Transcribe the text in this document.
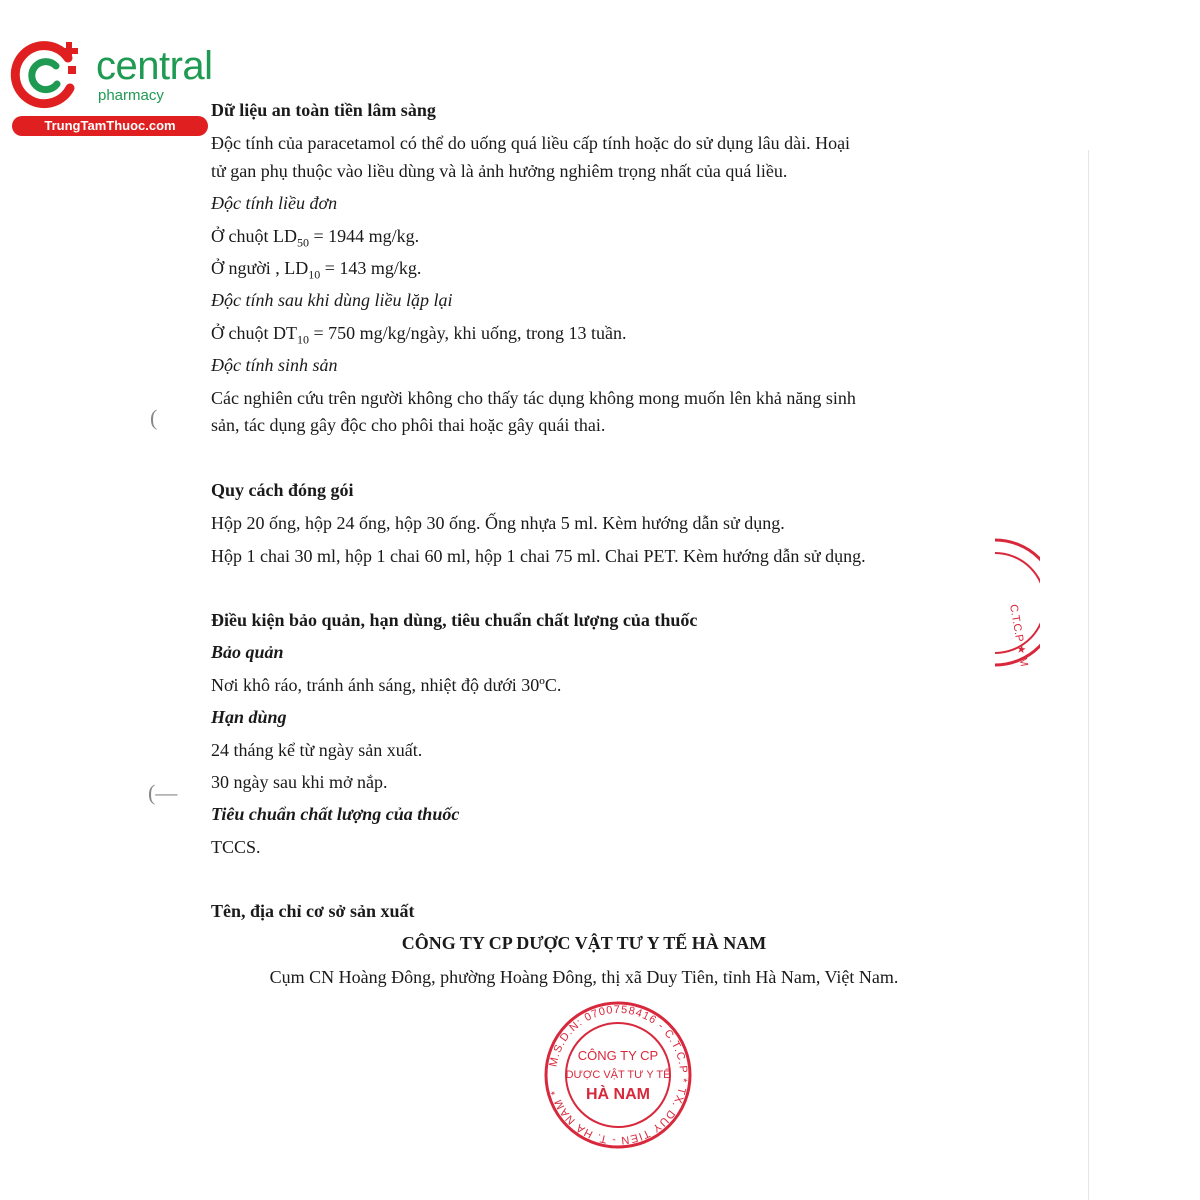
central
pharmacy
TrungTamThuoc.com
(
(—
Dữ liệu an toàn tiền lâm sàng
Độc tính của paracetamol có thể do uống quá liều cấp tính hoặc do sử dụng lâu dài. Hoại
tử gan phụ thuộc vào liều dùng và là ảnh hưởng nghiêm trọng nhất của quá liều.
Độc tính liều đơn
Ở chuột $LD_{50} = 1944$ mg/kg.
Ở người , $LD_{10} = 143$ mg/kg.
Độc tính sau khi dùng liều lặp lại
Ở chuột $DT_{10} = 750$ mg/kg/ngày, khi uống, trong 13 tuần.
Độc tính sinh sản
Các nghiên cứu trên người không cho thấy tác dụng không mong muốn lên khả năng sinh
sản, tác dụng gây độc cho phôi thai hoặc gây quái thai.
Quy cách đóng gói
Hộp 20 ống, hộp 24 ống, hộp 30 ống. Ống nhựa 5 ml. Kèm hướng dẫn sử dụng.
Hộp 1 chai 30 ml, hộp 1 chai 60 ml, hộp 1 chai 75 ml. Chai PET. Kèm hướng dẫn sử dụng.
Điều kiện bảo quản, hạn dùng, tiêu chuẩn chất lượng của thuốc
Bảo quản
Nơi khô ráo, tránh ánh sáng, nhiệt độ dưới 30ºC.
Hạn dùng
24 tháng kể từ ngày sản xuất.
30 ngày sau khi mở nắp.
Tiêu chuẩn chất lượng của thuốc
TCCS.
Tên, địa chỉ cơ sở sản xuất
CÔNG TY CP DƯỢC VẬT TƯ Y TẾ HÀ NAM
Cụm CN Hoàng Đông, phường Hoàng Đông, thị xã Duy Tiên, tỉnh Hà Nam, Việt Nam.
C.T.C.P ★ M
M.S.D.N: 0700758416 - C.T.C.P * TX. DUY TIÊN - T. HÀ NAM *
CÔNG TY CP
DƯỢC VẬT TƯ Y TẾ
HÀ NAM
